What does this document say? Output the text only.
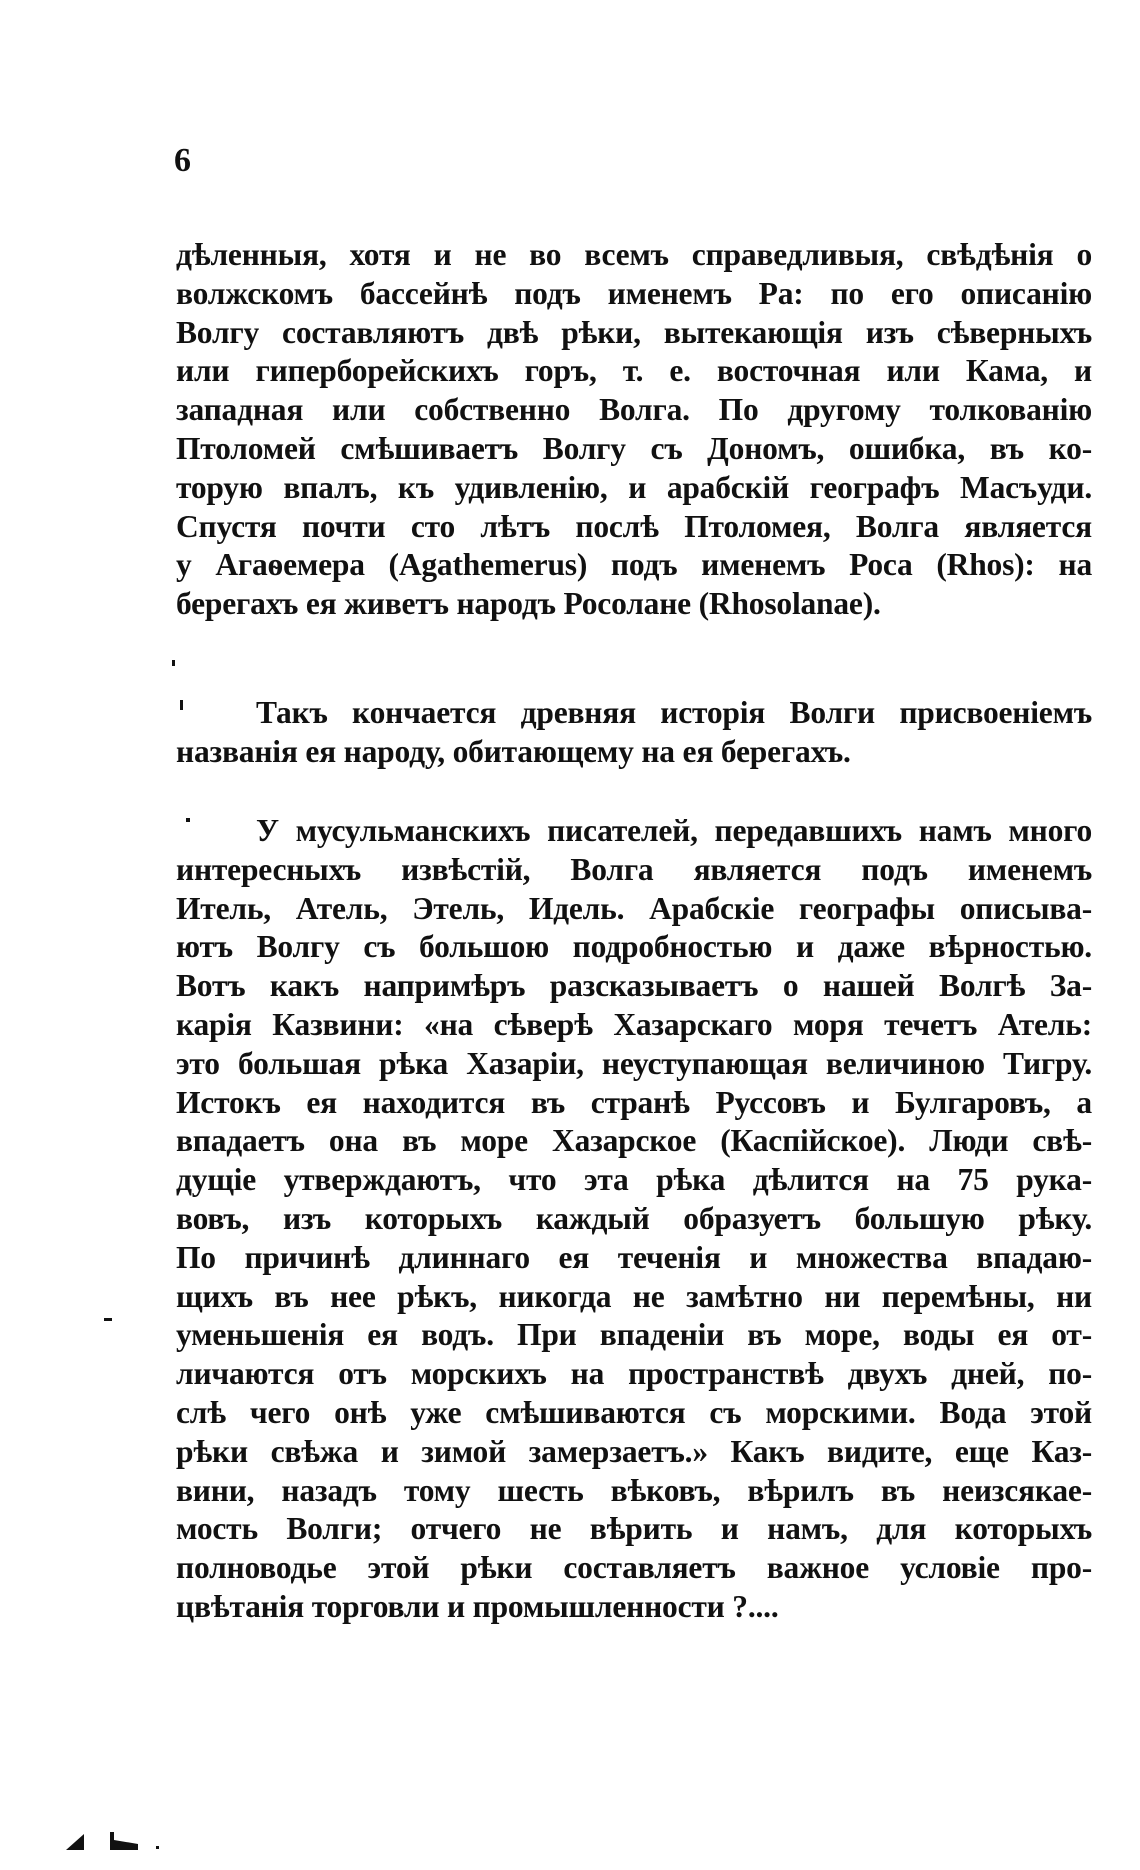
6
дѣленныя, хотя и не во всемъ справедливыя, свѣдѣнія о
волжскомъ бассейнѣ подъ именемъ Ра: по его описанію
Волгу составляютъ двѣ рѣки, вытекающія изъ сѣверныхъ
или гиперборейскихъ горъ, т. е. восточная или Кама, и
западная или собственно Волга. По другому толкованію
Птоломей смѣшиваетъ Волгу съ Дономъ, ошибка, въ ко-
торую впалъ, къ удивленію, и арабскій географъ Масъуди.
Спустя почти сто лѣтъ послѣ Птоломея, Волга является
у Агаѳемера (Agathemerus) подъ именемъ Роса (Rhos): на
берегахъ ея живетъ народъ Росолане (Rhosolanae).
Такъ кончается древняя исторія Волги присвоеніемъ
названія ея народу, обитающему на ея берегахъ.
У мусульманскихъ писателей, передавшихъ намъ много
интересныхъ извѣстій, Волга является подъ именемъ
Итель, Атель, Этель, Идель. Арабскіе географы описыва-
ютъ Волгу съ большою подробностью и даже вѣрностью.
Вотъ какъ напримѣръ разсказываетъ о нашей Волгѣ За-
карія Казвини: «на сѣверѣ Хазарскаго моря течетъ Атель:
это большая рѣка Хазаріи, неуступающая величиною Тигру.
Истокъ ея находится въ странѣ Руссовъ и Булгаровъ, а
впадаетъ она въ море Хазарское (Каспійское). Люди свѣ-
дущіе утверждаютъ, что эта рѣка дѣлится на 75 рука-
вовъ, изъ которыхъ каждый образуетъ большую рѣку.
По причинѣ длиннаго ея теченія и множества впадаю-
щихъ въ нее рѣкъ, никогда не замѣтно ни перемѣны, ни
уменьшенія ея водъ. При впаденіи въ море, воды ея от-
личаются отъ морскихъ на пространствѣ двухъ дней, по-
слѣ чего онѣ уже смѣшиваются съ морскими. Вода этой
рѣки свѣжа и зимой замерзаетъ.» Какъ видите, еще Каз-
вини, назадъ тому шесть вѣковъ, вѣрилъ въ неизсякае-
мость Волги; отчего не вѣрить и намъ, для которыхъ
полноводье этой рѣки составляетъ важное условіе про-
цвѣтанія торговли и промышленности ?....
